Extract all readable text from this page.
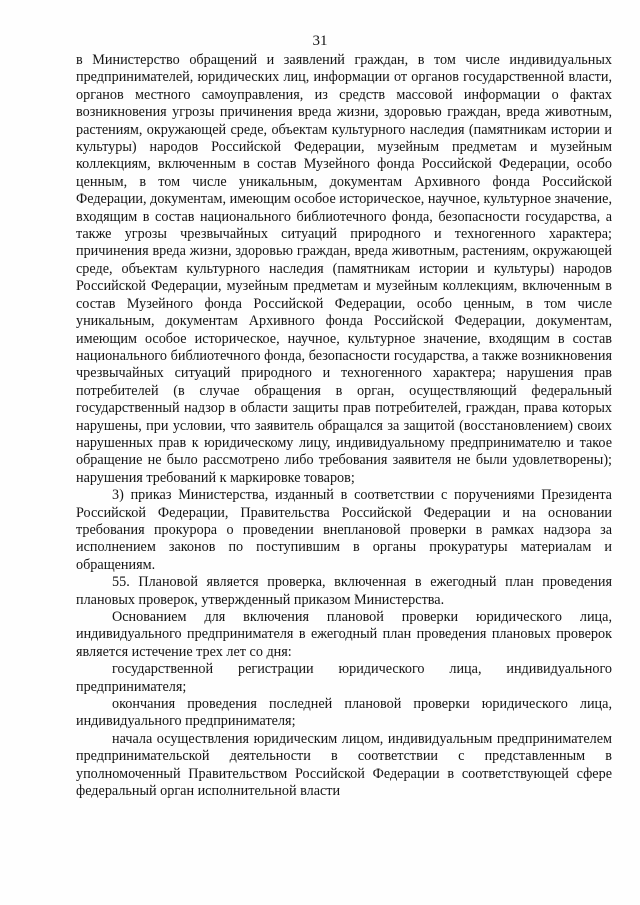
31

в Министерство обращений и заявлений граждан, в том числе индивидуальных предпринимателей, юридических лиц, информации от органов государственной власти, органов местного самоуправления, из средств массовой информации о фактах возникновения угрозы причинения вреда жизни, здоровью граждан, вреда животным, растениям, окружающей среде, объектам культурного наследия (памятникам истории и культуры) народов Российской Федерации, музейным предметам и музейным коллекциям, включенным в состав Музейного фонда Российской Федерации, особо ценным, в том числе уникальным, документам Архивного фонда Российской Федерации, документам, имеющим особое историческое, научное, культурное значение, входящим в состав национального библиотечного фонда, безопасности государства, а также угрозы чрезвычайных ситуаций природного и техногенного характера; причинения вреда жизни, здоровью граждан, вреда животным, растениям, окружающей среде, объектам культурного наследия (памятникам истории и культуры) народов Российской Федерации, музейным предметам и музейным коллекциям, включенным в состав Музейного фонда Российской Федерации, особо ценным, в том числе уникальным, документам Архивного фонда Российской Федерации, документам, имеющим особое историческое, научное, культурное значение, входящим в состав национального библиотечного фонда, безопасности государства, а также возникновения чрезвычайных ситуаций природного и техногенного характера; нарушения прав потребителей (в случае обращения в орган, осуществляющий федеральный государственный надзор в области защиты прав потребителей, граждан, права которых нарушены, при условии, что заявитель обращался за защитой (восстановлением) своих нарушенных прав к юридическому лицу, индивидуальному предпринимателю и такое обращение не было рассмотрено либо требования заявителя не были удовлетворены); нарушения требований к маркировке товаров;

3) приказ Министерства, изданный в соответствии с поручениями Президента Российской Федерации, Правительства Российской Федерации и на основании требования прокурора о проведении внеплановой проверки в рамках надзора за исполнением законов по поступившим в органы прокуратуры материалам и обращениям.

55. Плановой является проверка, включенная в ежегодный план проведения плановых проверок, утвержденный приказом Министерства.

Основанием для включения плановой проверки юридического лица, индивидуального предпринимателя в ежегодный план проведения плановых проверок является истечение трех лет со дня:

государственной регистрации юридического лица, индивидуального предпринимателя;

окончания проведения последней плановой проверки юридического лица, индивидуального предпринимателя;

начала осуществления юридическим лицом, индивидуальным предпринимателем предпринимательской деятельности в соответствии с представленным в уполномоченный Правительством Российской Федерации в соответствующей сфере федеральный орган исполнительной власти
